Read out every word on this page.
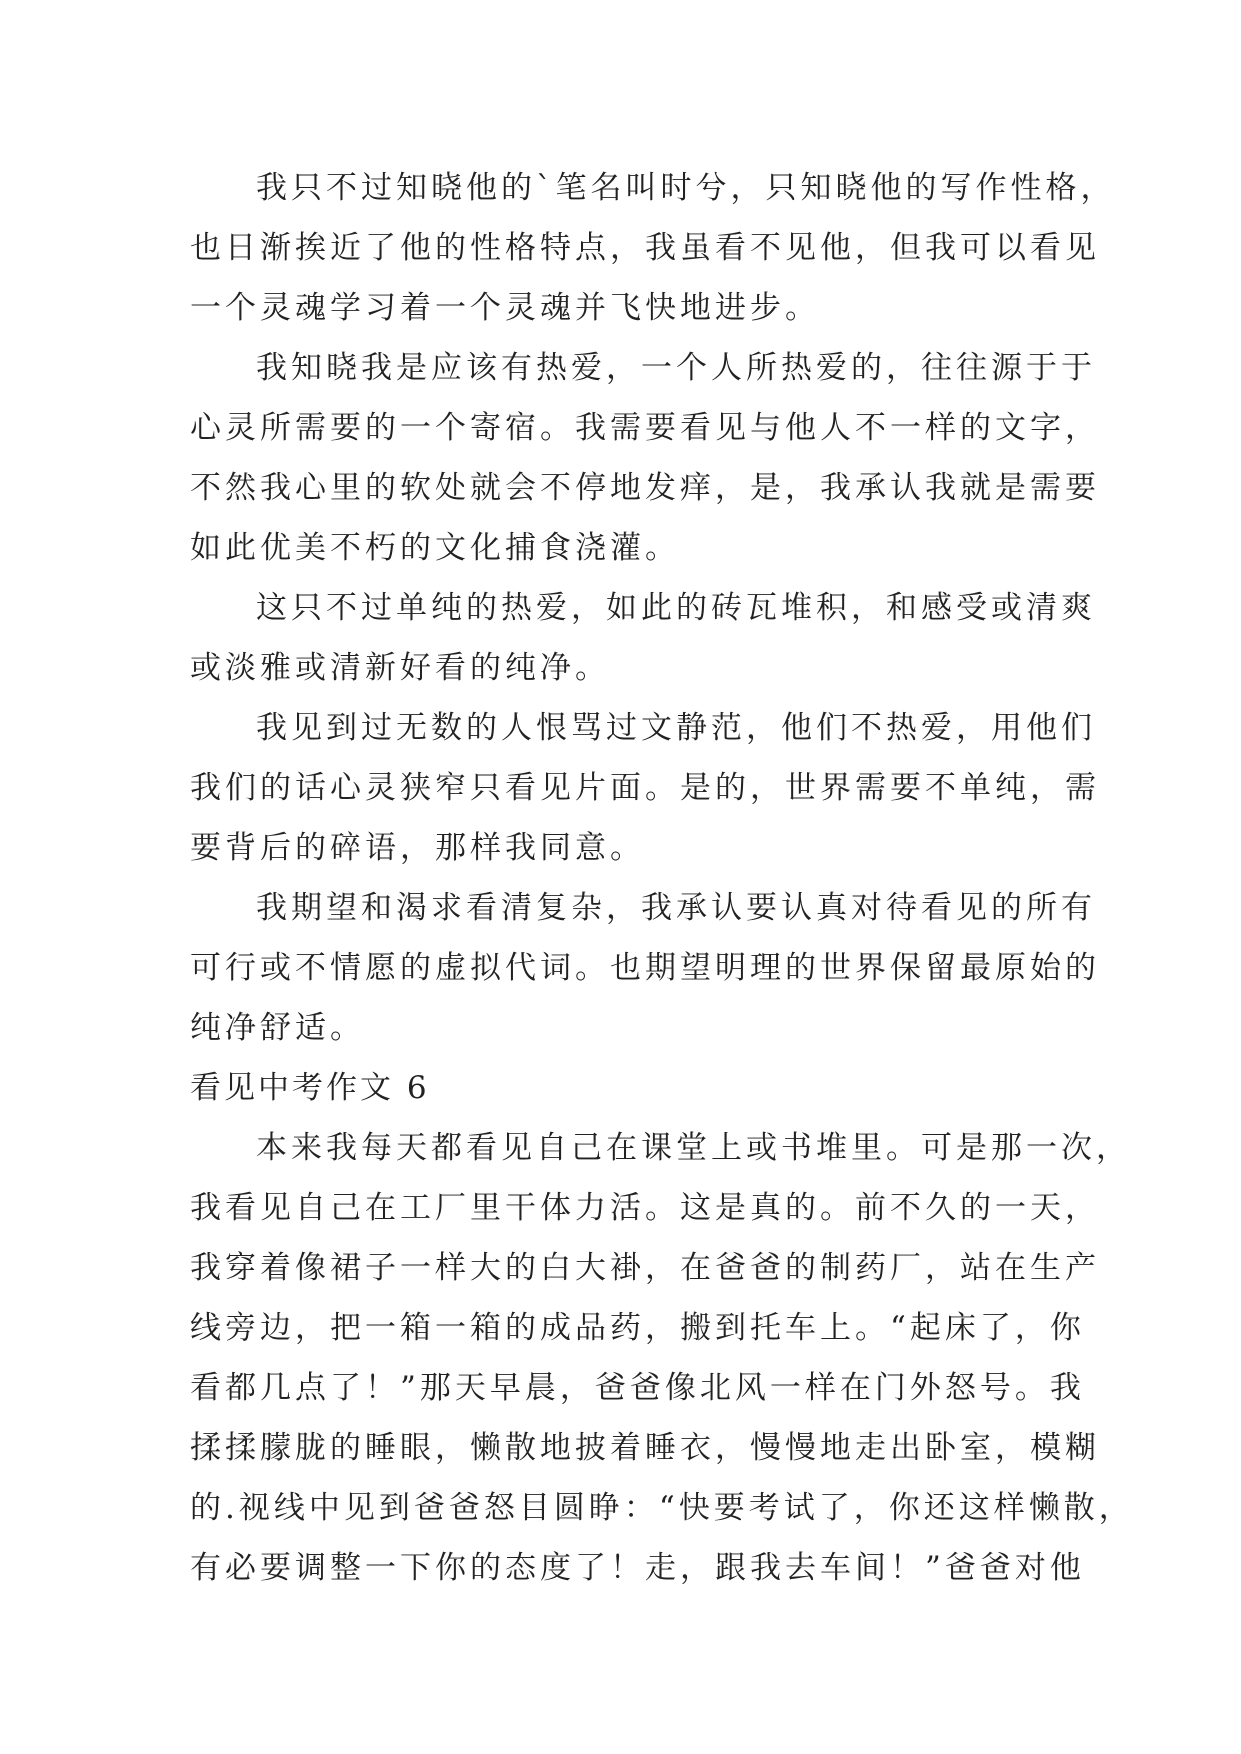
我只不过知晓他的`笔名叫时兮，只知晓他的写作性格，
也日渐挨近了他的性格特点，我虽看不见他，但我可以看见
一个灵魂学习着一个灵魂并飞快地进步。
我知晓我是应该有热爱，一个人所热爱的，往往源于于
心灵所需要的一个寄宿。我需要看见与他人不一样的文字，
不然我心里的软处就会不停地发痒，是，我承认我就是需要
如此优美不朽的文化捕食浇灌。
这只不过单纯的热爱，如此的砖瓦堆积，和感受或清爽
或淡雅或清新好看的纯净。
我见到过无数的人恨骂过文静范，他们不热爱，用他们
我们的话心灵狭窄只看见片面。是的，世界需要不单纯，需
要背后的碎语，那样我同意。
我期望和渴求看清复杂，我承认要认真对待看见的所有
可行或不情愿的虚拟代词。也期望明理的世界保留最原始的
纯净舒适。
看见中考作文 6
本来我每天都看见自己在课堂上或书堆里。可是那一次，
我看见自己在工厂里干体力活。这是真的。前不久的一天，
我穿着像裙子一样大的白大褂，在爸爸的制药厂，站在生产
线旁边，把一箱一箱的成品药，搬到托车上。“起床了，你
看都几点了！”那天早晨，爸爸像北风一样在门外怒号。我
揉揉朦胧的睡眼，懒散地披着睡衣，慢慢地走出卧室，模糊
的.视线中见到爸爸怒目圆睁：“快要考试了，你还这样懒散，
有必要调整一下你的态度了！走，跟我去车间！”爸爸对他
